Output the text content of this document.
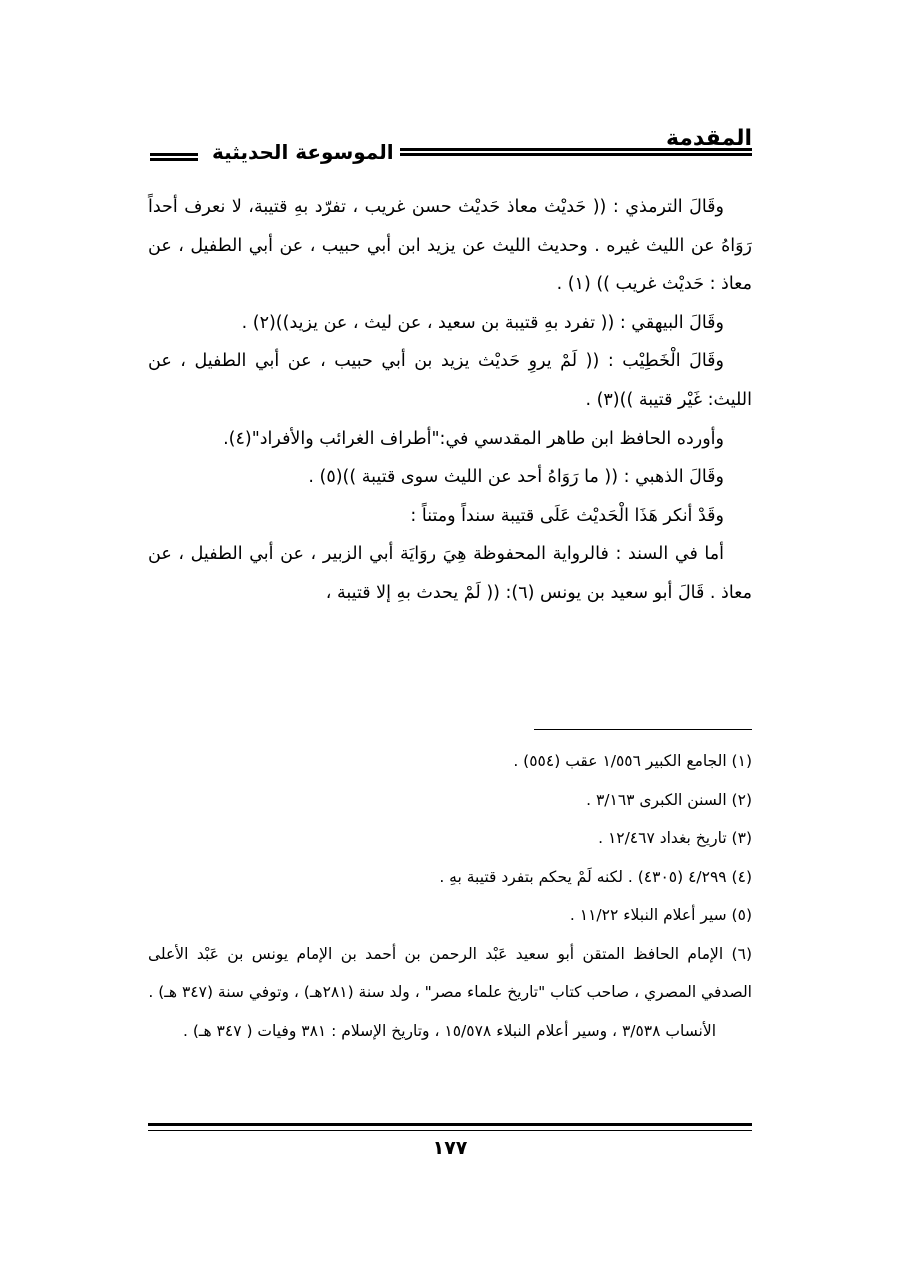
الموسوعة الحديثية
المقدمة

وقَالَ الترمذي : (( حَديْث معاذ حَديْث حسن غريب ، تفرّد بهِ قتيبة، لا نعرف أحداً رَوَاهُ عن الليث غيره . وحديث الليث عن يزيد ابن أبي حبيب ، عن أبي الطفيل ، عن معاذ : حَديْث غريب )) (١) .

وقَالَ البيهقي : (( تفرد بهِ قتيبة بن سعيد ، عن ليث ، عن يزيد))(٢) .

وقَالَ الْخَطِيْب : (( لَمْ يروِ حَديْث يزيد بن أبي حبيب ، عن أبي الطفيل ، عن الليث: غَيْر قتيبة ))(٣) .

وأورده الحافظ ابن طاهر المقدسي في:"أطراف الغرائب والأفراد"(٤).

وقَالَ الذهبي : (( ما رَوَاهُ أحد عن الليث سوى قتيبة ))(٥) .

وقَدْ أنكر هَذَا الْحَديْث عَلَى قتيبة سنداً ومتناً :

أما في السند : فالرواية المحفوظة هِيَ روَايَة أبي الزبير ، عن أبي الطفيل ، عن معاذ . قَالَ أبو سعيد بن يونس (٦): (( لَمْ يحدث بهِ إلا قتيبة ،

(١) الجامع الكبير ١/٥٥٦ عقب (٥٥٤) .

(٢) السنن الكبرى ٣/١٦٣ .

(٣) تاريخ بغداد ١٢/٤٦٧ .

(٤) ٤/٢٩٩ (٤٣٠٥) . لكنه لَمْ يحكم بتفرد قتيبة بهِ .

(٥) سير أعلام النبلاء ١١/٢٢ .

(٦) الإمام الحافظ المتقن أبو سعيد عَبْد الرحمن بن أحمد بن الإمام يونس بن عَبْد الأعلى الصدفي المصري ، صاحب كتاب "تاريخ علماء مصر" ، ولد سنة (٢٨١هـ) ، وتوفي سنة (٣٤٧ هـ) .

الأنساب ٣/٥٣٨ ، وسير أعلام النبلاء ١٥/٥٧٨ ، وتاريخ الإسلام : ٣٨١ وفيات ( ٣٤٧ هـ) .

١٧٧
